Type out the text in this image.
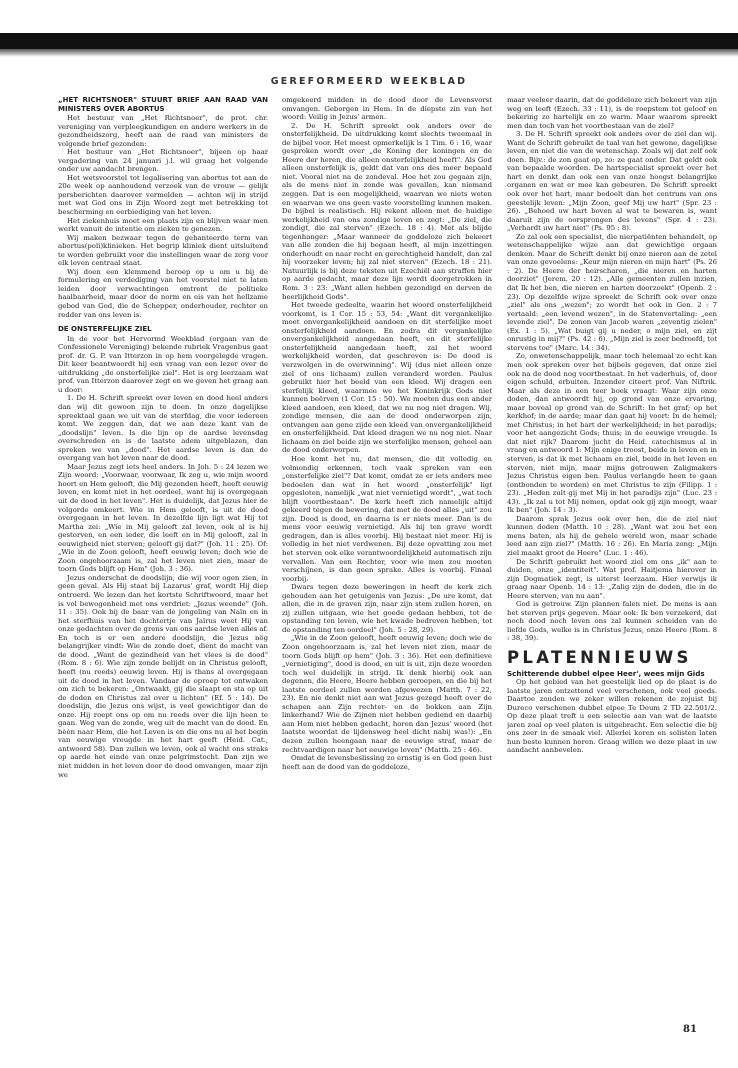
GEREFORMEERD WEEKBLAD
„HET RICHTSNOER" STUURT BRIEF AAN RAAD VAN MINISTERS OVER ABORTUS

Het bestuur van „Het Richtsnoer", de prot. chr. vereniging van verpleegkundigen en andere werkers in de gezondheidszorg, heeft aan de raad van ministers de volgende brief gezonden:

Het bestuur van „Het Richtsnoer", bijeen op haar vergadering van 24 januari j.l. wil graag het volgende onder uw aandacht brengen.

Het wetsvoorstel tot legalisering van abortus tot aan de 20e week op aanhoudend verzoek van de vrouw — gelijk persberichten daarover vermelden — achten wij in strijd met wat God ons in Zijn Woord zegt met betrekking tot bescherming en eerbiediging van het leven.

Het ziekenhuis moet een plaats zijn en blijven waar men werkt vanuit de intentie om zieken te genezen.

Wij maken bezwaar tegen de gehanteerde term van abortus(poli)klinieken. Het begrip kliniek dient uitsluitend te worden gebruikt voor die instellingen waar de zorg voor elk leven centraal staat.

Wij doen een klemmend beroep op u om u bij de formulering en verdediging van het voorstel niet te laten leiden door verwachtingen omtrent de politieke haalbaarheid, maar door de norm en eis van het hellzame gebod van God, die de Schepper, onderhouder, rechter en redder van ons leven is.

DE ONSTERFELIJKE ZIEL

In de voor het Hervormd Weekblad (orgaan van de Confessionele Vereniging) bekende rubriek Vragenbus gaat prof. dr. G. P. van Itterzon in op hem voorgelegde vragen. Dit keer beantwoordt hij een vraag van een lezer over de uitdrukking „de onsterfelijke ziel". Het is erg leerzaam wat prof. van Itterzon daarover zegt en we geven het graag aan u door:

1. De H. Schrift spreekt over leven en dood heel anders dan wij dit gewoon zijn te doen. In onze dagelijkse spreektaal gaan we uit van de sterfdag, die voor iedereen komt. We zeggen dan, dat we aan deze kant van de „doodslijn" leven. Is die lijn op de aardse levensdag overschreden en is de laatste adem uitgeblazen, dan spreken we van „dood". Het aardse leven is dan de overgang van het leven naar de dood.

Maar Jezus zegt iets heel anders. In Joh. 5 : 24 lezen we Zijn woord: „Voorwaar, voorwaar, Ik zeg u, wie mijn woord hoort en Hem gelooft, die Mij gezonden heeft, heeft eeuwig leven, en komt niet in het oordeel, want hij is overgegaan uit de dood in het leven". Het is duidelijk, dat Jezus hier de volgorde omkeert. Wie in Hem gelooft, is uit de dood overgegaan in het leven. In dezelfde lijn ligt wat Hij tot Martha zei: „Wie in Mij gelooft zal leven, ook al is hij gestorven, en een ieder, die leeft en in Mij gelooft, zal in eeuwigheid niet sterven; gelooft gij dat?" (Joh. 11 : 25). Of: „Wie in de Zoon gelooft, heeft eeuwig leven; doch wie de Zoon ongehoorzaam is, zal het leven niet zien, maar de toorn Gods blijft op Hem" (Joh. 3 : 36).

Jezus onderschat de doodslijn, die wij voor ogen zien, in geen geval. Als Hij staat bij Lazarus' graf, wordt Hij diep ontroerd. We lezen dan het kortste Schriftwoord, maar het is vol bewogenheid met ons verdriet: „Jezus weende" (Joh. 11 : 35). Ook bij de baar van de jongeling van Naïn en in het sterfhuis van het dochtertje van Jaïrus weet Hij van onze gedachten over de grens van ons aardse leven alles af. En toch is er een andere doodslijn, die Jezus nög belangrijker vindt: Wie de zonde doet, dient de macht van de dood. „Want de gezindheid van het vlees is de dood" (Rom. 8 : 6). Wie zijn zonde belijdt en in Christus gelooft, heeft (nu reeds) eeuwig leven. Hij is thans al overgegaan uit de dood in het leven. Vandaar de oproep tot ontwaken om zich te bekeren: „Ontwaakt, gij die slaapt en sta op uit de doden en Christus zal over u lichten" (Ef. 5 : 14). De doodslijn, die Jezus ons wijst, is veel gewichtiger dan de onze. Hij roept ons op om nu reeds over die lijn heen te gaan. Weg van de zonde, weg uit de macht van de dood. En bèèn naar Hem, die het Leven is en die ons nu al het begin van eeuwige vreugde in het hart geeft (Heid. Cat., antwoord 58). Dan zullen we leven, ook al wacht ons straks op aarde het einde van onze pelgrimstocht. Dan zijn we niet midden in het leven door de dood omvangen, maar zijn we

omgekeerd midden in de dood door de Levensvorst omvangen. Geborgen in Hem. In de diepste zin van het woord: Veilig in Jezus' armen.

2. De H. Schrift spreekt ook anders over de onsterfelijkheid. De uitdrukking komt slechts tweemaal in de bijbel voor. Het meest opmerkelijk is 1 Tim. 6 : 16, waar gesproken wordt over „de Koning der koningen en de Heere der heren, die alleen onsterfelijkheid heeft". Als God alleen onsterfelijk is, geldt dat van ons des meer bepaald niet. Vooral niet na de zondeval. Hoe het zou gegaan zijn, als de mens niet in zonde was gevallen, kan niemand zeggen. Dat is een mogelijkheid, waarvan we niets weten en waarvan we ons geen vaste voorstelling kunnen maken. De bijbel is realistisch. Hij rekent alleen met de huidige werkelijkheid van ons zondige leven en zegt: „De ziel, die zondigt, die zal sterven" (Ezech. 18 : 4). Met als blijde tegenhanger: „Maar wanneer de goddeloze zich bekeert van alle zonden die hij begaan heeft, al mijn inzettingen onderhoudt en naar recht en gerechtigheid handelt, dan zal hij voorzeker leven; hij zal niet sterven" (Ezech. 18 : 21). Natuurlijk is bij deze teksten uit Ezechiël aan straffen hier op aarde gedacht, maar deze lijn wordt doorgetrokken in Rom. 3 : 23: „Want allen hebben gezondigd en derven de heerlijkheid Gods".

Het tweede gedeelte, waarin het woord onsterfelijkheid voorkomt, is 1 Cor. 15 : 53, 54: „Want dit vergankelijke moet onvergankelijkheid aandoen en dit sterfelijke moet onsterfelijkheid aandoen. En zodra dit vergankelijke onvergankelijkheid aangedaan heeft, en dit sterfelijke onsterfelijkheid aangedaan heeft, zal het woord werkelijkheid worden, dat geschreven is: De dood is verzwolgen in de overwinning". Wij (dus niet alleen onze ziel of ons lichaam) zullen veranderd worden. Paulus gebruikt hier het beeld van een kleed. Wij dragen een sterfelijk kleed, waarmee we het Koninkrijk Gods niet kunnen beërven (1 Cor. 15 : 50). We moeten dus een ander kleed aandoen, een kleed, dat we nu nog niet dragen. Wij, zondige mensen, die aan de dood onderworpen zijn, ontvangen aan gene zijde een kleed van onvergankelijkheid en onsterfelijkheid. Dat kleed dragen we nu nog niet. Naar lichaam èn ziel beide zijn we sterfelijke mensen, geheel aan de dood onderworpen.

Hoe komt het nu, dat mensen, die dit volledig en volmondig erkennen, toch vaak spreken van een „onsterfelijke ziel"? Dat komt, omdat ze er iets anders mee bedoelen dan wat in het woord „onsterfelijk" ligt opgesloten, namelijk „wat niet vernietigd wordt", „wat toch blijft voortbestaan". De kerk heeft zich namelijk altijd gekeerd tegen de bewering, dat met de dood alles „uit" zou zijn. Dood is dood, en daarna is er niets meer. Dan is de mens voor eeuwig vernietigd. Als hij ten grave wordt gedragen, dan is alles voorbij. Hij bestaat niet meer. Hij is volledig in het niet verdwenen. Bij deze opvatting zou met het sterven ook elke verantwoordelijkheid automatisch zijn vervallen. Van een Rechter, voor wie men zou moeten verschijnen, is dan geen sprake. Alles is voorbij. Finaal voorbij.

Dwars tegen deze beweringen in heeft de kerk zich gehouden aan het getuigenis van Jezus: „De ure komt, dat allen, die in de graven zijn, naar zijn stem zullen horen, en zij zullen uitgaan, wie het goede gedaan hebben, tot de opstanding ten leven, wie het kwade bedreven hebben, tot de opstanding ten oordeel" (Joh. 5 : 28, 29).

„Wie in de Zoon gelooft, heeft eeuwig leven; doch wie de Zoon ongehoorzaam is, zal het leven niet zien, maar de toorn Gods blijft op hem" (Joh. 3 : 36). Het een definitieve „vernietiging", dood is dood, en uit is uit, zijn deze woorden toch wel duidelijk in strijd. Ik denk hierbij ook aan degenen, die Heere, Heere hebben geroepen, en die bij het laatste oordeel zullen worden afgewezen (Matth. 7 : 22, 23). En nie denkt niet aan wat Jezus gezegd heeft over de schapen aan Zijn rechter- en de bokken aan Zijn linkerhand? Wie de Zijnen niet hebben gediend en daarbij aan Hem niet hebben gedacht, horen dan Jezus' woord (het laatste woordat de lijdensweg heel dicht nabij was!): „En dezen zullen heengaan naar de eeuwige straf, maar de rechtvaardigen naar het eeuwige leven" (Matth. 25 : 46).

Omdat de levensbeslissing zo ernstig is en God geen lust heeft aan de dood van de goddeloze,

maar veeleer daarin, dat de goddeloze zich bekeert van zijn weg en leeft (Ezech. 33 : 11), is de roepstem tot geloof en bekering zo hartelijk en zo warm. Maar waarom spreekt men dan toch van het voortbestaan van de ziel?

3. De H. Schrift spreekt ook anders over de ziel dan wij. Want de Schrift gebruikt de taal van het gewone, dagelijkse leven, en niet die van de wetenschap. Zoals wij dat zelf ook doen. Bijv.: de zon gaat op, zo: ze gaat onder. Dat geldt ook van bepaalde woorden. De hartspecialist spreekt over het hart en denkt dan ook een van onze hoogst belangrijke organen en wat er mee kan gebeuren. De Schrift spreekt ook over het hart, maar bedoelt dan het centrum van ons geestelijk leven: „Mijn Zoon, geef Mij uw hart" (Spr. 23 : 26). „Behoed uw hart boven al wat te bewaren is, want daaruit zijn de oorsprongen des levens" (Spr. 4 : 23). „Verhardt uw hart niet" (Ps. 95 : 8).

Zo zal ook een specialist, die nierpatiënten behandelt, op wetenschappelijke wijze aan dat gewichtige orgaan denken. Maar de Schrift denkt bij onze nieren aan de zetel van onze gevoelens: „Keur mijn nieren en mijn hart" (Ps. 26 : 2). De Heere der heirscharen, „die nieren en harten doorziet" (Jerem. 20 : 12). „Alle gemeenten zullen inzien, dat Ik het ben, die nieren en harten doorzoekt" (Openb. 2 : 23). Op dezelfde wijze spreekt de Schrift ook over onze „ziel" als ons „wezen"; zo wordt het ook in Gen. 2 : 7 vertaald: „een levend wezen", in de Statenvertaling: „een levende ziel". De zonen van Jacob waren „zeventig zielen" (Ex. 1 : 5). „Wat buigt gij u neder, o mijn ziel, en zijt onrustig in mij?" (Ps. 42 : 6). „Mijn ziel is zeer bedroefd, tot stervens toe" (Marc. 14 : 34).

Zo, onwetenschappelijk, maar toch helemaal zo echt kan men ook spreken over het bijbels gegeven, dat onze ziel ook na de dood nog voortbestaat. In het vaderhuis, of, door eigen schuld, erbuiten. Inzender citeert prof. Van Niftrik. Maar als deze in een teer boek vraagt: Waar zijn onze doden, dan antwoordt hij, op grond van onze ervaring, maar boveal op grond van de Schrift: In het graf; op het kerkhof; in de aarde; maar dan gaat hij voort: In de hemel; met Christus; in het hart der werkelijkheid; in het paradijs; voor het aangezicht Gods; thuis; in de eeuwige vreugde. Is dat niet rijk? Daarom jucht de Heid. catechismus al in vraag en antwoord 1: Mijn enige troost, beide in leven en in sterven, is dat ik met lichaam en ziel, beide in het leven en sterven, niet mijn, maar mijns getrouwen Zaligmakers Jezus Christus eigen ben. Paulus verlangde heen te gaan (ontbonden te worden) en met Christus te zijn (Filipp. 1 : 23). „Heden zult gij met Mij in het paradijs zijn" (Luc. 23 : 43). „Ik zal u tot Mij nemen, opdat ook gij zijn moogt, waar Ik ben" (Joh. 14 : 3).

Daarom sprak Jezus ook over hen, die de ziel niet kunnen doden (Matth. 10 : 28). „Want wat zou het een mens baten, als hij de gehele wereld won, maar schade leed aan zijn ziel?" (Matth. 16 : 26). En Maria zong: „Mijn ziel maakt groot de Heere" (Luc. 1 : 46).

De Schrift gebruikt het woord ziel om ons „ik" aan te duiden, onze „identiteit". Wat prof. Haitjema hierover in zijn Dogmatiek zegt, is uiterst leerzaam. Hier verwijs ik graag naar Openb. 14 : 13: „Zalig zijn de doden, die in de Heere sterven, van nu aan".

God is getrouw. Zijn plannen falen niet. De mens is aan het sterven prijs gegeven. Maar ook: Ik ben verzekerd, dat noch dood noch leven ons zal kunnen scheiden van de liefde Gods, welke is in Christus Jezus, onze Heere (Rom. 8 : 38, 39).

PLATENNIEUWS
Schitterende dubbel elpee Heer', wees mijn Gids

Op het gebied van het geestelijk lied op de plaat is de laatste jaren ontzettend veel verschenen, ook veel goeds. Daartoe zouden we zeker willen rekenen de zojuist bij Dureco verschenen dubbel elpee Te Deum 2 TD 22.501/2. Op deze plaat treft u een selectie aan van wat de laatste jaren zoal op veel platen is uitgebracht. Een selectie die bij ons zeer in de smaak viel. Allerlei koren en solisten laten hun beste kunnen horen. Graag willen we deze plaat in uw aandacht aanbevelen.

81
